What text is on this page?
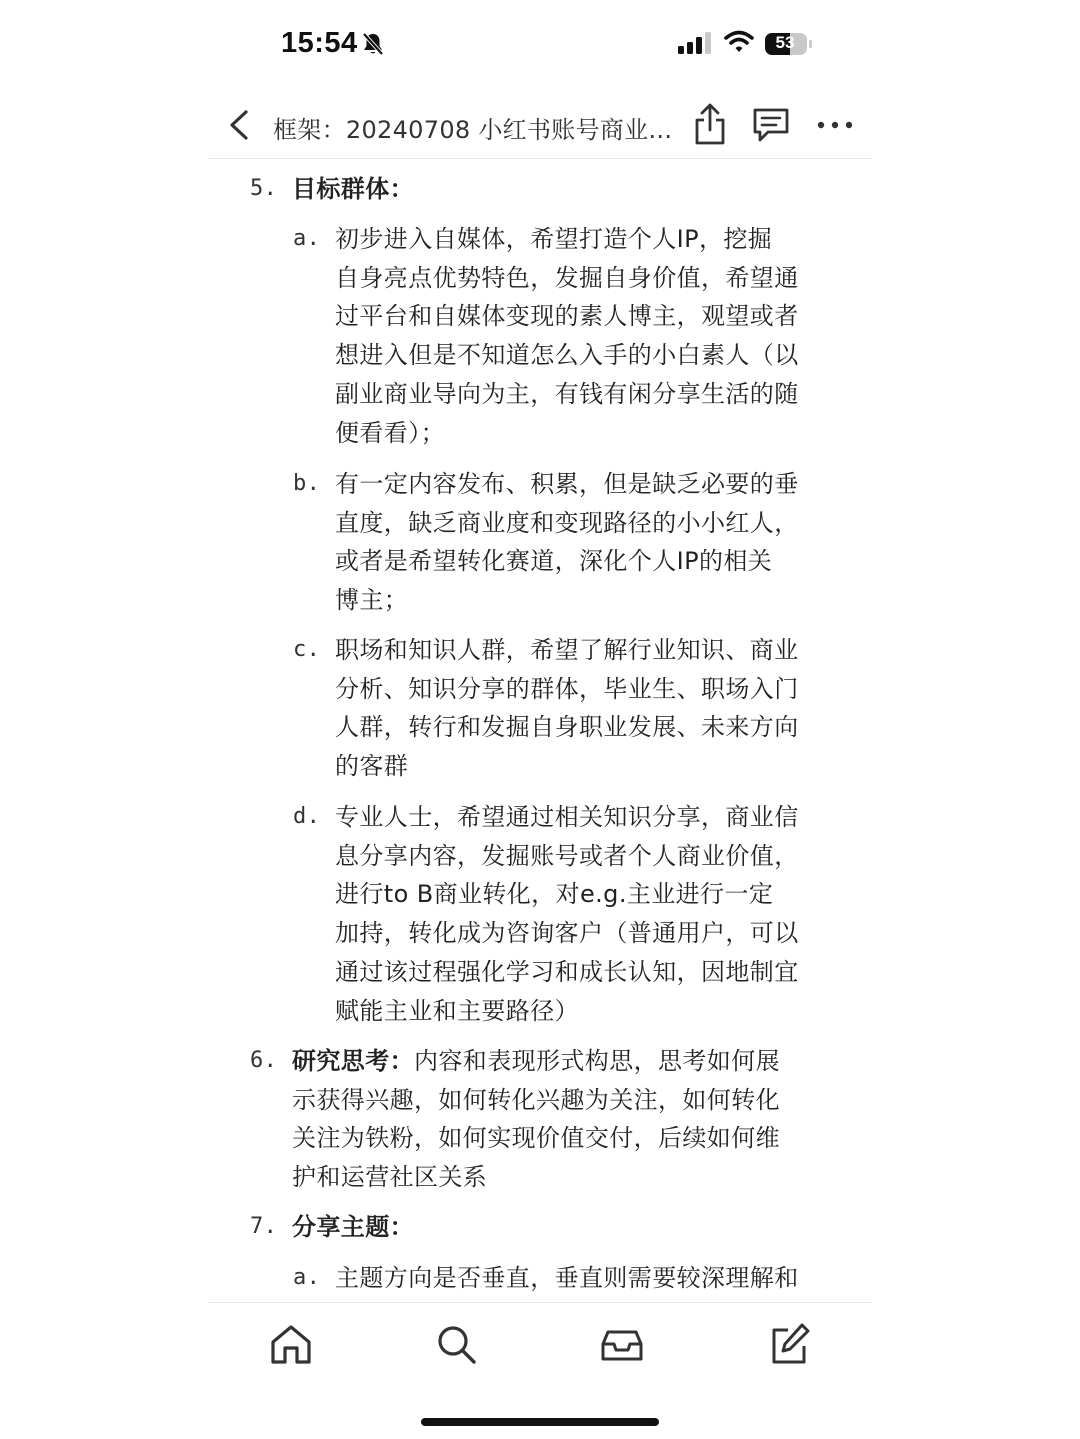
15:54	53
框架：20240708 小红书账号商业...
5. 目标群体：
a. 初步进入自媒体，希望打造个人IP，挖掘
自身亮点优势特色，发掘自身价值，希望通
过平台和自媒体变现的素人博主，观望或者
想进入但是不知道怎么入手的小白素人（以
副业商业导向为主，有钱有闲分享生活的随
便看看）；
b. 有一定内容发布、积累，但是缺乏必要的垂
直度，缺乏商业度和变现路径的小小红人，
或者是希望转化赛道，深化个人IP的相关
博主；
c. 职场和知识人群，希望了解行业知识、商业
分析、知识分享的群体，毕业生、职场入门
人群，转行和发掘自身职业发展、未来方向
的客群
d. 专业人士，希望通过相关知识分享，商业信
息分享内容，发掘账号或者个人商业价值，
进行to B商业转化，对e.g.主业进行一定
加持，转化成为咨询客户（普通用户，可以
通过该过程强化学习和成长认知，因地制宜
赋能主业和主要路径）
6. 研究思考：内容和表现形式构思，思考如何展
示获得兴趣，如何转化兴趣为关注，如何转化
关注为铁粉，如何实现价值交付，后续如何维
护和运营社区关系
7. 分享主题：
a. 主题方向是否垂直，垂直则需要较深理解和
